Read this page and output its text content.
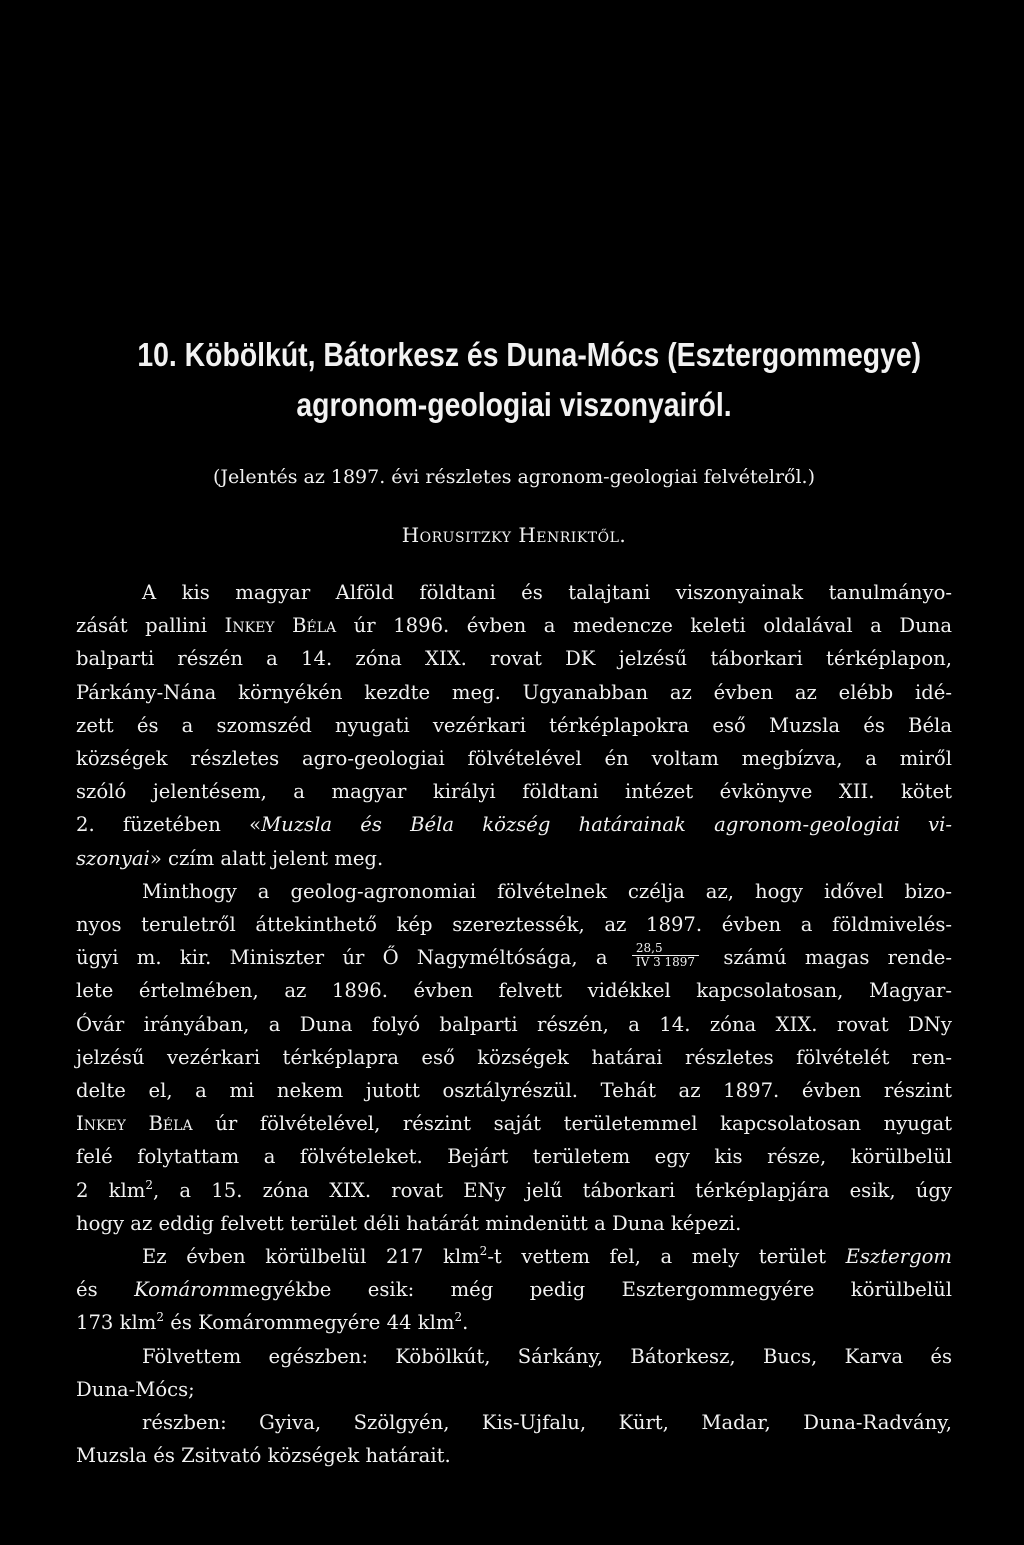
10. Köbölkút, Bátorkesz és Duna-Mócs (Esztergommegye)
agronom-geologiai viszonyairól.
(Jelentés az 1897. évi részletes agronom-geologiai felvételről.)
Horusitzky Henriktől.
A kis magyar Alföld földtani és talajtani viszonyainak tanulmányo-
zását pallini Inkey Béla úr 1896. évben a medencze keleti oldalával a Duna
balparti részén a 14. zóna XIX. rovat DK jelzésű táborkari térképlapon,
Párkány-Nána környékén kezdte meg. Ugyanabban az évben az elébb idé-
zett és a szomszéd nyugati vezérkari térképlapokra eső Muzsla és Béla
községek részletes agro-geologiai fölvételével én voltam megbízva, a miről
szóló jelentésem, a magyar királyi földtani intézet évkönyve XII. kötet
2. füzetében «Muzsla és Béla község határainak agronom-geologiai vi-
szonyai» czím alatt jelent meg.
Minthogy a geolog-agronomiai fölvételnek czélja az, hogy idővel bizo-
nyos teruletről áttekinthető kép szereztessék, az 1897. évben a földmivelés-
ügyi m. kir. Miniszter úr Ő Nagyméltósága, a $\frac{28,5}{IV 3 1897}$ számú magas rende-
lete értelmében, az 1896. évben felvett vidékkel kapcsolatosan, Magyar-
Óvár irányában, a Duna folyó balparti részén, a 14. zóna XIX. rovat DNy
jelzésű vezérkari térképlapra eső községek határai részletes fölvételét ren-
delte el, a mi nekem jutott osztályrészül. Tehát az 1897. évben részint
Inkey Béla úr fölvételével, részint saját területemmel kapcsolatosan nyugat
felé folytattam a fölvételeket. Bejárt területem egy kis része, körülbelül
2 klm$^2$, a 15. zóna XIX. rovat ENy jelű táborkari térképlapjára esik, úgy
hogy az eddig felvett terület déli határát mindenütt a Duna képezi.
Ez évben körülbelül 217 klm$^2$-t vettem fel, a mely terület Esztergom
és Komárommegyékbe esik: még pedig Esztergommegyére körülbelül
173 klm$^2$ és Komárommegyére 44 klm$^2$.
Fölvettem egészben: Köbölkút, Sárkány, Bátorkesz, Bucs, Karva és
Duna-Mócs;
részben: Gyiva, Szölgyén, Kis-Ujfalu, Kürt, Madar, Duna-Radvány,
Muzsla és Zsitvató községek határait.
